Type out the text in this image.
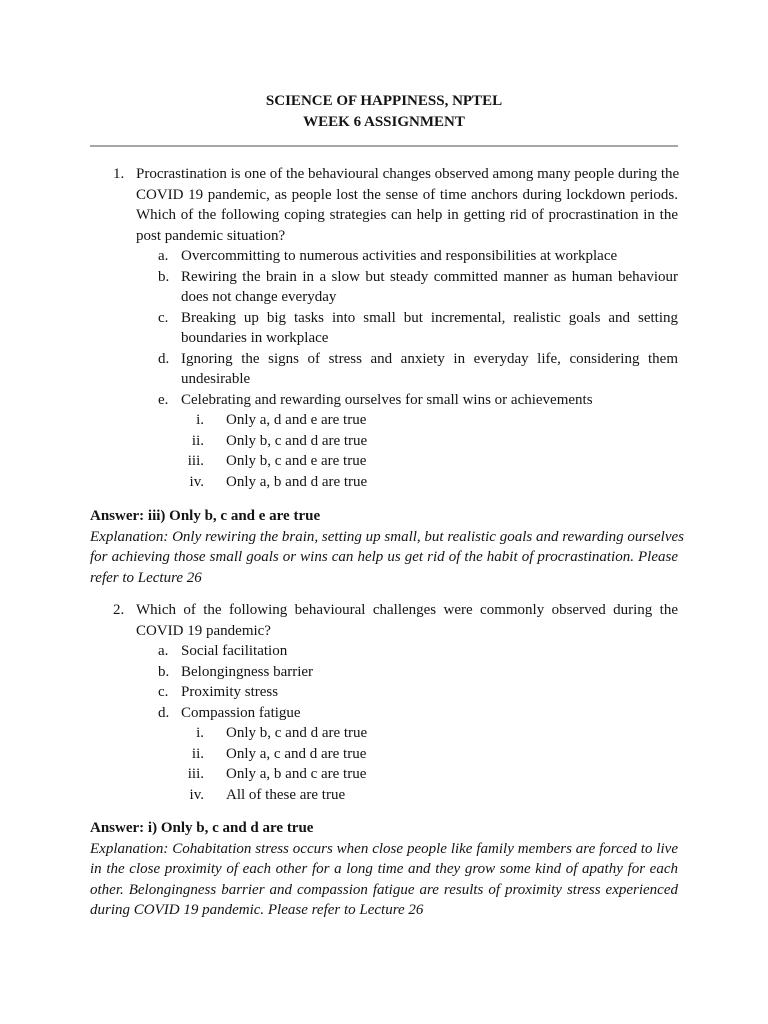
SCIENCE OF HAPPINESS, NPTEL
WEEK 6 ASSIGNMENT
1. Procrastination is one of the behavioural changes observed among many people during the
COVID 19 pandemic, as people lost the sense of time anchors during lockdown periods.
Which of the following coping strategies can help in getting rid of procrastination in the
post pandemic situation?
a. Overcommitting to numerous activities and responsibilities at workplace
b. Rewiring the brain in a slow but steady committed manner as human behaviour
does not change everyday
c. Breaking up big tasks into small but incremental, realistic goals and setting
boundaries in workplace
d. Ignoring the signs of stress and anxiety in everyday life, considering them
undesirable
e. Celebrating and rewarding ourselves for small wins or achievements
i. Only a, d and e are true
ii. Only b, c and d are true
iii. Only b, c and e are true
iv. Only a, b and d are true
Answer: iii) Only b, c and e are true
Explanation: Only rewiring the brain, setting up small, but realistic goals and rewarding ourselves
for achieving those small goals or wins can help us get rid of the habit of procrastination. Please
refer to Lecture 26
2. Which of the following behavioural challenges were commonly observed during the
COVID 19 pandemic?
a. Social facilitation
b. Belongingness barrier
c. Proximity stress
d. Compassion fatigue
i. Only b, c and d are true
ii. Only a, c and d are true
iii. Only a, b and c are true
iv. All of these are true
Answer: i) Only b, c and d are true
Explanation: Cohabitation stress occurs when close people like family members are forced to live
in the close proximity of each other for a long time and they grow some kind of apathy for each
other. Belongingness barrier and compassion fatigue are results of proximity stress experienced
during COVID 19 pandemic. Please refer to Lecture 26
